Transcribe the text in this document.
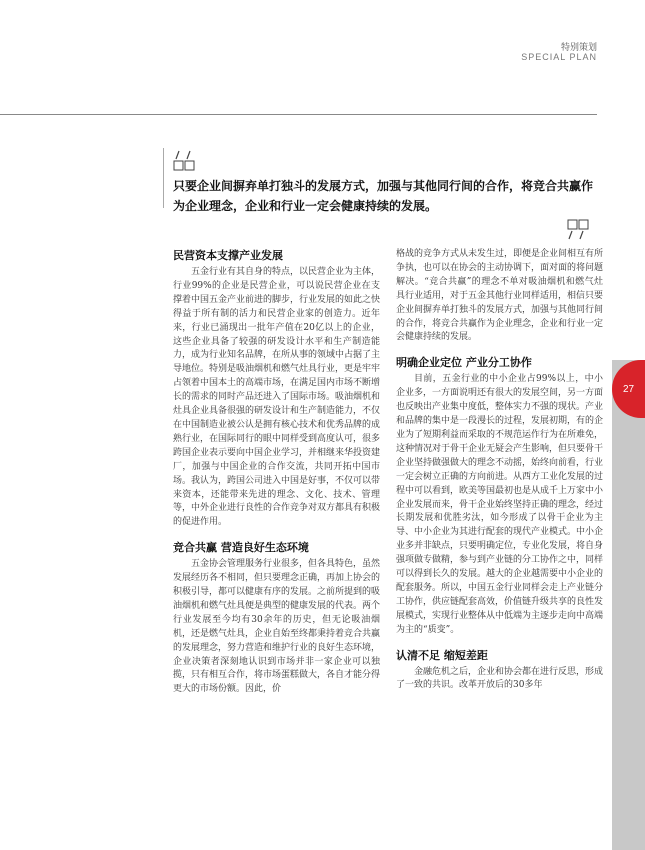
特别策划
SPECIAL PLAN
只要企业间摒弃单打独斗的发展方式，加强与其他同行间的合作，将竞合共赢作为企业理念，企业和行业一定会健康持续的发展。
民营资本支撑产业发展

五金行业有其自身的特点，以民营企业为主体，行业99%的企业是民营企业，可以说民营企业在支撑着中国五金产业前进的脚步，行业发展的如此之快得益于所有制的活力和民营企业家的创造力。近年来，行业已涌现出一批年产值在20亿以上的企业，这些企业具备了较强的研发设计水平和生产制造能力，成为行业知名品牌，在所从事的领域中占据了主导地位。特别是吸油烟机和燃气灶具行业，更是牢牢占领着中国本土的高端市场，在满足国内市场不断增长的需求的同时产品还进入了国际市场。吸油烟机和灶具企业具备很强的研发设计和生产制造能力，不仅在中国制造业被公认是拥有核心技术和优秀品牌的成熟行业，在国际同行的眼中同样受到高度认可，很多跨国企业表示要向中国企业学习，并相继来华投资建厂，加强与中国企业的合作交流，共同开拓中国市场。我认为，跨国公司进入中国是好事，不仅可以带来资本，还能带来先进的理念、文化、技术、管理等，中外企业进行良性的合作竞争对双方都具有积极的促进作用。

竞合共赢 营造良好生态环境

五金协会管理服务行业很多，但各具特色，虽然发展经历各不相同，但只要理念正确，再加上协会的积极引导，都可以健康有序的发展。之前所提到的吸油烟机和燃气灶具便是典型的健康发展的代表。两个行业发展至今均有30余年的历史，但无论吸油烟机，还是燃气灶具，企业自始至终都秉持着竞合共赢的发展理念，努力营造和维护行业的良好生态环境，企业决策者深刻地认识到市场并非一家企业可以独揽，只有相互合作，将市场蛋糕做大，各自才能分得更大的市场份额。因此，价

格战的竞争方式从未发生过，即便是企业间相互有所争执，也可以在协会的主动协调下，面对面的将问题解决。“竞合共赢”的理念不单对吸油烟机和燃气灶具行业适用，对于五金其他行业同样适用，相信只要企业间摒弃单打独斗的发展方式，加强与其他同行间的合作，将竞合共赢作为企业理念，企业和行业一定会健康持续的发展。

明确企业定位 产业分工协作

目前，五金行业的中小企业占99%以上，中小企业多，一方面说明还有很大的发展空间，另一方面也反映出产业集中度低，整体实力不强的现状。产业和品牌的集中是一段漫长的过程，发展初期，有的企业为了短期利益而采取的不规范运作行为在所难免，这种情况对于骨干企业无疑会产生影响，但只要骨干企业坚持做强做大的理念不动摇，始终向前看，行业一定会树立正确的方向前进。从西方工业化发展的过程中可以看到，欧美等国最初也是从成千上万家中小企业发展而来，骨干企业始终坚持正确的理念，经过长期发展和优胜劣汰，如今形成了以骨干企业为主导、中小企业为其进行配套的现代产业模式。中小企业多并非缺点，只要明确定位，专业化发展，将自身强项做专做精，参与到产业链的分工协作之中，同样可以得到长久的发展。越大的企业越需要中小企业的配套服务。所以，中国五金行业同样会走上产业链分工协作，供应链配套高效，价值链升级共享的良性发展模式，实现行业整体从中低端为主逐步走向中高端为主的“质变”。

认清不足 缩短差距

金融危机之后，企业和协会都在进行反思，形成了一致的共识。改革开放后的30多年

27
